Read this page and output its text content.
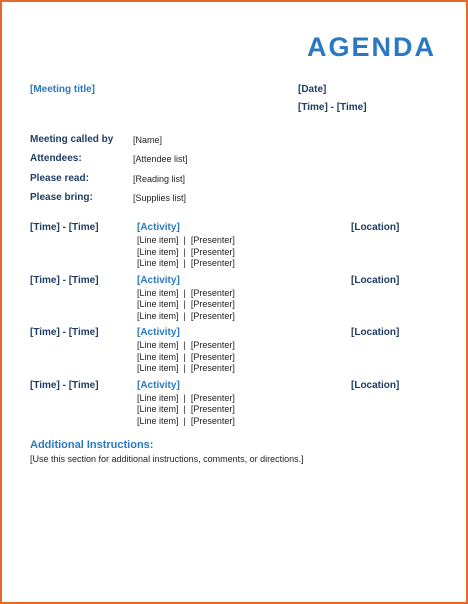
AGENDA
[Meeting title]	[Date]
[Time] - [Time]
Meeting called by [Name]
Attendees:	[Attendee list]
Please read:	[Reading list]
Please bring:	[Supplies list]
[Time] - [Time]	[Activity]	[Location]
[Line item]  |  [Presenter]
[Line item]  |  [Presenter]
[Line item]  |  [Presenter]
[Time] - [Time]	[Activity]	[Location]
[Line item]  |  [Presenter]
[Line item]  |  [Presenter]
[Line item]  |  [Presenter]
[Time] - [Time]	[Activity]	[Location]
[Line item]  |  [Presenter]
[Line item]  |  [Presenter]
[Line item]  |  [Presenter]
[Time] - [Time]	[Activity]	[Location]
[Line item]  |  [Presenter]
[Line item]  |  [Presenter]
[Line item]  |  [Presenter]
Additional Instructions:
[Use this section for additional instructions, comments, or directions.]
